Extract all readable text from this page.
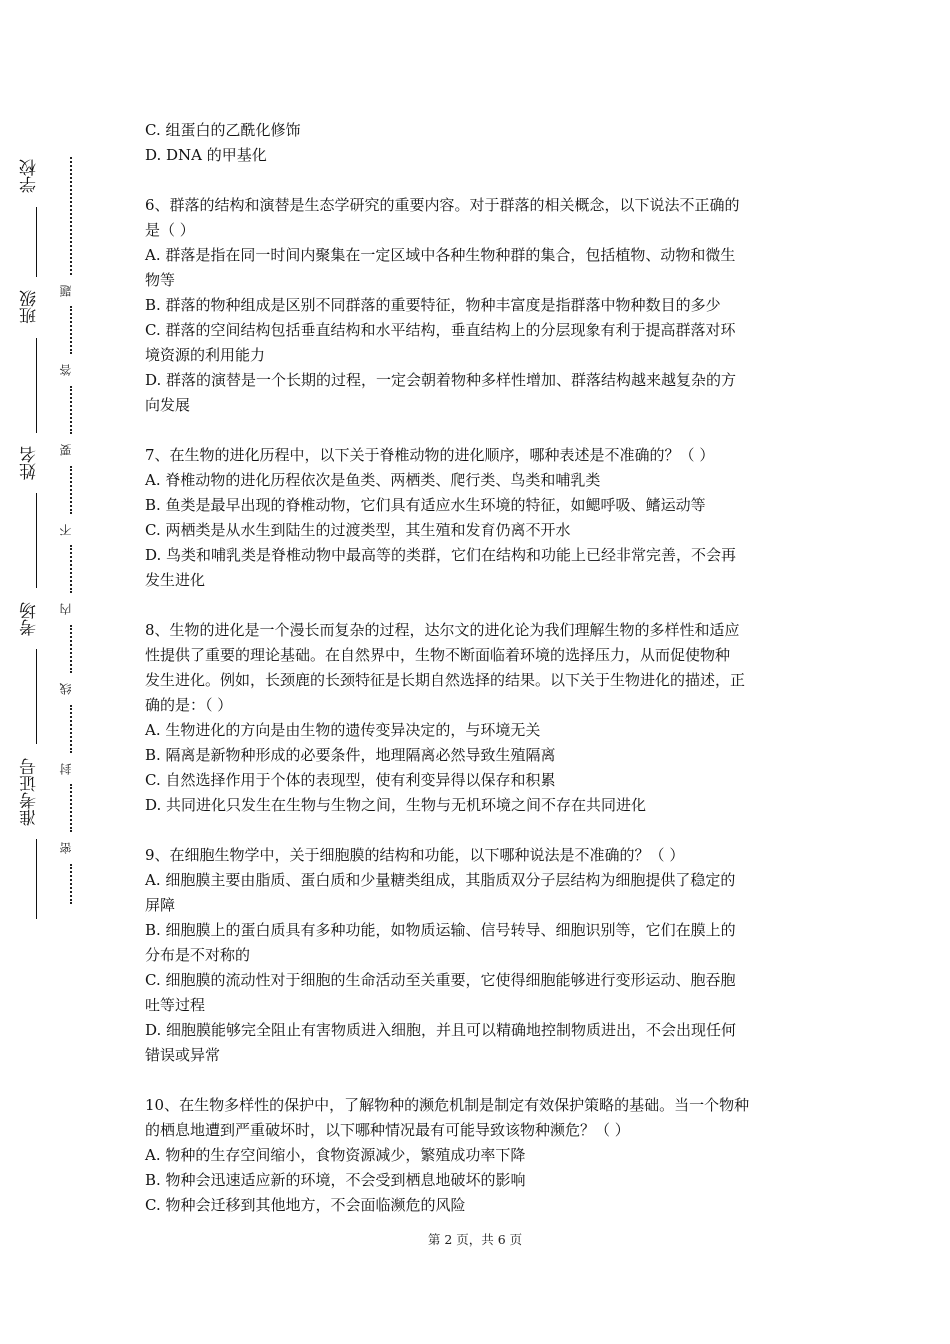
准考证号  考场  姓名  班级  学校
密  封  线  内  不  要  答  题
C. 组蛋白的乙酰化修饰
D. DNA 的甲基化
6、群落的结构和演替是生态学研究的重要内容。对于群落的相关概念，以下说法不正确的
是（ ）
A. 群落是指在同一时间内聚集在一定区域中各种生物种群的集合，包括植物、动物和微生
物等
B. 群落的物种组成是区别不同群落的重要特征，物种丰富度是指群落中物种数目的多少
C. 群落的空间结构包括垂直结构和水平结构，垂直结构上的分层现象有利于提高群落对环
境资源的利用能力
D. 群落的演替是一个长期的过程，一定会朝着物种多样性增加、群落结构越来越复杂的方
向发展
7、在生物的进化历程中，以下关于脊椎动物的进化顺序，哪种表述是不准确的？（ ）
A. 脊椎动物的进化历程依次是鱼类、两栖类、爬行类、鸟类和哺乳类
B. 鱼类是最早出现的脊椎动物，它们具有适应水生环境的特征，如鳃呼吸、鳍运动等
C. 两栖类是从水生到陆生的过渡类型，其生殖和发育仍离不开水
D. 鸟类和哺乳类是脊椎动物中最高等的类群，它们在结构和功能上已经非常完善，不会再
发生进化
8、生物的进化是一个漫长而复杂的过程，达尔文的进化论为我们理解生物的多样性和适应
性提供了重要的理论基础。在自然界中，生物不断面临着环境的选择压力，从而促使物种
发生进化。例如，长颈鹿的长颈特征是长期自然选择的结果。以下关于生物进化的描述，正
确的是：（ ）
A. 生物进化的方向是由生物的遗传变异决定的，与环境无关
B. 隔离是新物种形成的必要条件，地理隔离必然导致生殖隔离
C. 自然选择作用于个体的表现型，使有利变异得以保存和积累
D. 共同进化只发生在生物与生物之间，生物与无机环境之间不存在共同进化
9、在细胞生物学中，关于细胞膜的结构和功能，以下哪种说法是不准确的？（ ）
A. 细胞膜主要由脂质、蛋白质和少量糖类组成，其脂质双分子层结构为细胞提供了稳定的
屏障
B. 细胞膜上的蛋白质具有多种功能，如物质运输、信号转导、细胞识别等，它们在膜上的
分布是不对称的
C. 细胞膜的流动性对于细胞的生命活动至关重要，它使得细胞能够进行变形运动、胞吞胞
吐等过程
D. 细胞膜能够完全阻止有害物质进入细胞，并且可以精确地控制物质进出，不会出现任何
错误或异常
10、在生物多样性的保护中，了解物种的濒危机制是制定有效保护策略的基础。当一个物种
的栖息地遭到严重破坏时，以下哪种情况最有可能导致该物种濒危？（ ）
A. 物种的生存空间缩小，食物资源减少，繁殖成功率下降
B. 物种会迅速适应新的环境，不会受到栖息地破坏的影响
C. 物种会迁移到其他地方，不会面临濒危的风险
第 2 页，共 6 页
